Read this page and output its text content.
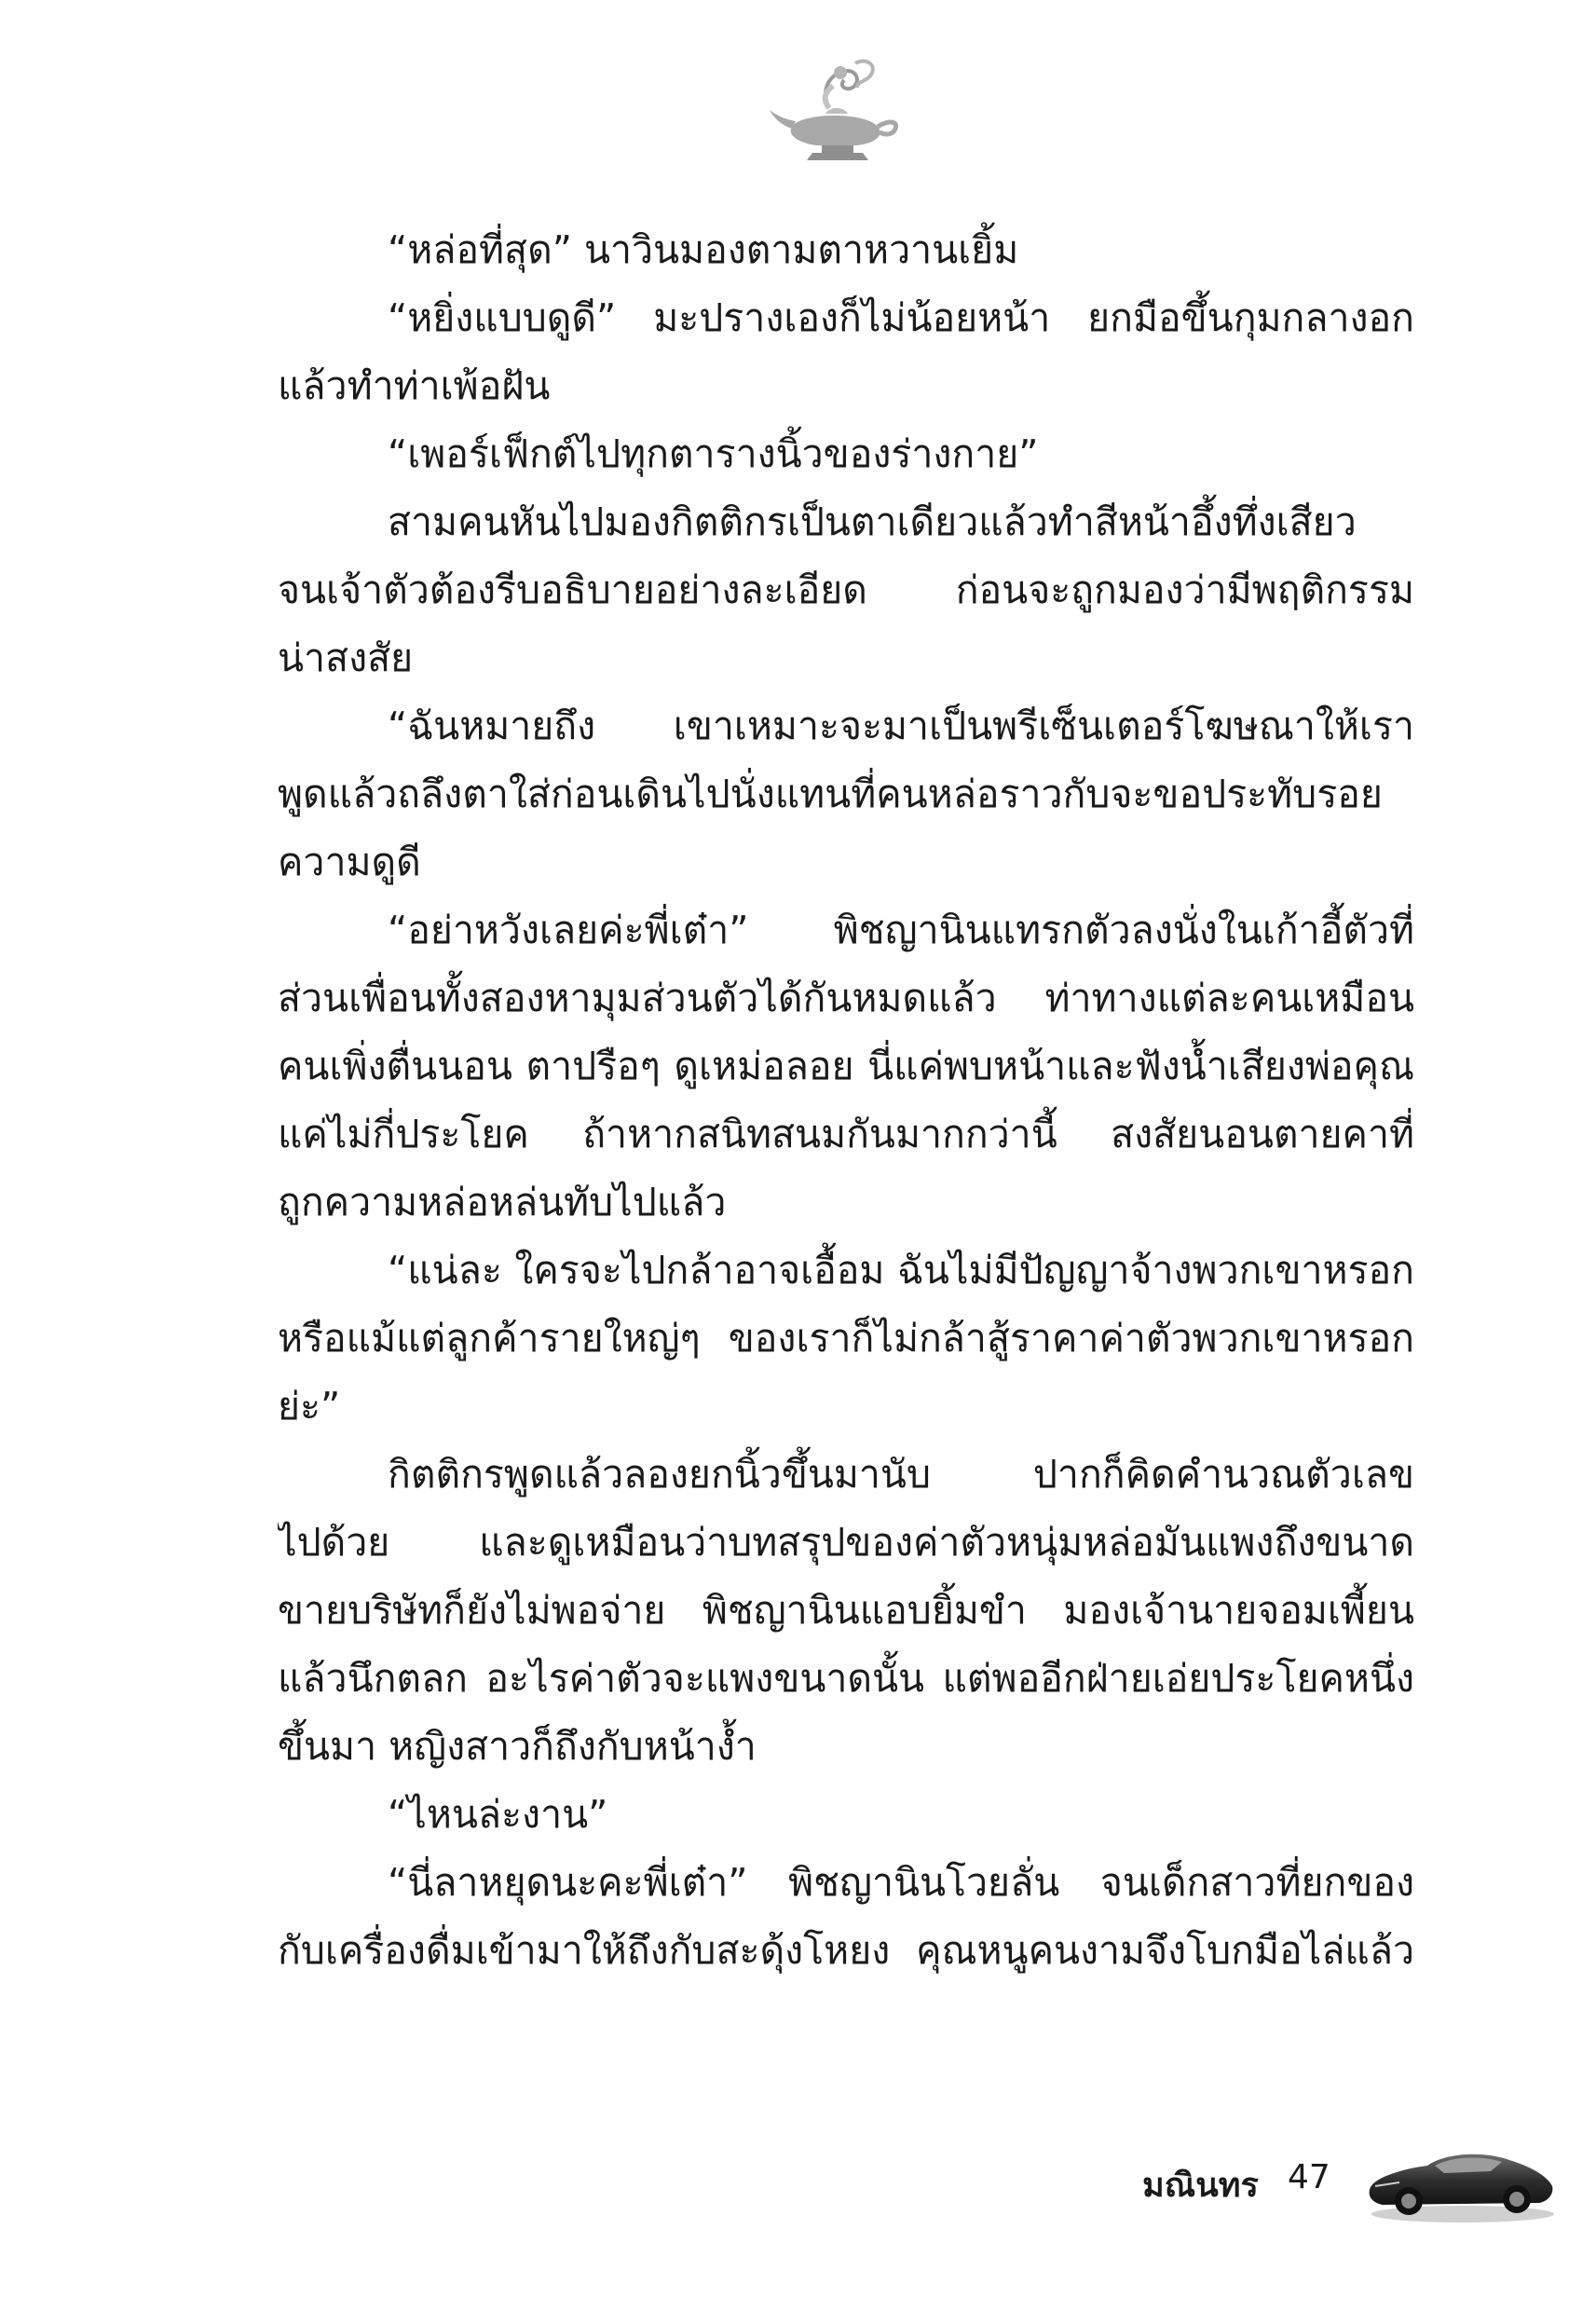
“หล่อที่สุด” นาวินมองตามตาหวานเยิ้ม
“หยิ่งแบบดูดี” มะปรางเองก็ไม่น้อยหน้า ยกมือขึ้นกุมกลางอก
แล้วทำท่าเพ้อฝัน
“เพอร์เฟ็กต์ไปทุกตารางนิ้วของร่างกาย”
สามคนหันไปมองกิตติกรเป็นตาเดียวแล้วทำสีหน้าอึ้งทึ่งเสียว
จนเจ้าตัวต้องรีบอธิบายอย่างละเอียด ก่อนจะถูกมองว่ามีพฤติกรรม
น่าสงสัย
“ฉันหมายถึง เขาเหมาะจะมาเป็นพรีเซ็นเตอร์โฆษณาให้เรา
พูดแล้วถลึงตาใส่ก่อนเดินไปนั่งแทนที่คนหล่อราวกับจะขอประทับรอย
ความดูดี
“อย่าหวังเลยค่ะพี่เต๋า” พิชญานินแทรกตัวลงนั่งในเก้าอี้ตัวที่
ส่วนเพื่อนทั้งสองหามุมส่วนตัวได้กันหมดแล้ว ท่าทางแต่ละคนเหมือน
คนเพิ่งตื่นนอน ตาปรือๆ ดูเหม่อลอย นี่แค่พบหน้าและฟังน้ำเสียงพ่อคุณ
แค่ไม่กี่ประโยค ถ้าหากสนิทสนมกันมากกว่านี้ สงสัยนอนตายคาที่
ถูกความหล่อหล่นทับไปแล้ว
“แน่ละ ใครจะไปกล้าอาจเอื้อม ฉันไม่มีปัญญาจ้างพวกเขาหรอก
หรือแม้แต่ลูกค้ารายใหญ่ๆ ของเราก็ไม่กล้าสู้ราคาค่าตัวพวกเขาหรอก
ย่ะ”
กิตติกรพูดแล้วลองยกนิ้วขึ้นมานับ ปากก็คิดคำนวณตัวเลข
ไปด้วย และดูเหมือนว่าบทสรุปของค่าตัวหนุ่มหล่อมันแพงถึงขนาด
ขายบริษัทก็ยังไม่พอจ่าย พิชญานินแอบยิ้มขำ มองเจ้านายจอมเพี้ยน
แล้วนึกตลก อะไรค่าตัวจะแพงขนาดนั้น แต่พออีกฝ่ายเอ่ยประโยคหนึ่ง
ขึ้นมา หญิงสาวก็ถึงกับหน้างํ้า
“ไหนล่ะงาน”
“นี่ลาหยุดนะคะพี่เต๋า” พิชญานินโวยลั่น จนเด็กสาวที่ยกของ
กับเครื่องดื่มเข้ามาให้ถึงกับสะดุ้งโหยง คุณหนูคนงามจึงโบกมือไล่แล้ว
มณินทร 47
